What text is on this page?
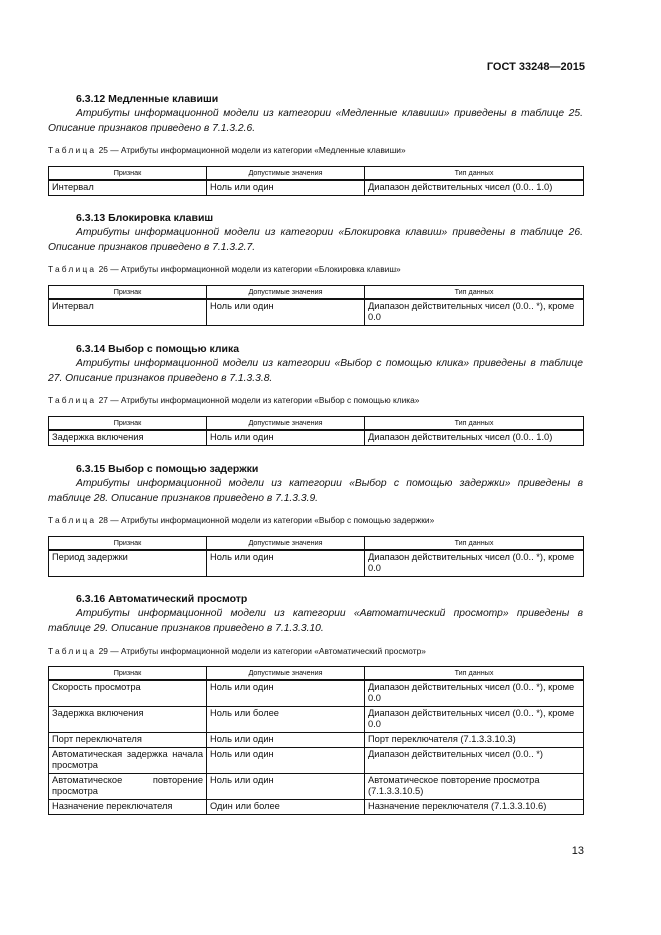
ГОСТ 33248—2015

6.3.12 Медленные клавиши

Атрибуты информационной модели из категории «Медленные клавиши» приведены в таблице 25. Описание признаков приведено в 7.1.3.2.6.

Таблица 25 — Атрибуты информационной модели из категории «Медленные клавиши»

Признак	Допустимые значения	Тип данных
Интервал	Ноль или один	Диапазон действительных чисел (0.0.. 1.0)

6.3.13 Блокировка клавиш

Атрибуты информационной модели из категории «Блокировка клавиш» приведены в таблице 26. Описание признаков приведено в 7.1.3.2.7.

Таблица 26 — Атрибуты информационной модели из категории «Блокировка клавиш»

Признак	Допустимые значения	Тип данных
Интервал	Ноль или один	Диапазон действительных чисел (0.0.. *), кроме 0.0

6.3.14 Выбор с помощью клика

Атрибуты информационной модели из категории «Выбор с помощью клика» приведены в таблице 27. Описание признаков приведено в 7.1.3.3.8.

Таблица 27 — Атрибуты информационной модели из категории «Выбор с помощью клика»

Признак	Допустимые значения	Тип данных
Задержка включения	Ноль или один	Диапазон действительных чисел (0.0.. 1.0)

6.3.15 Выбор с помощью задержки

Атрибуты информационной модели из категории «Выбор с помощью задержки» приведены в таблице 28. Описание признаков приведено в 7.1.3.3.9.

Таблица 28 — Атрибуты информационной модели из категории «Выбор с помощью задержки»

Признак	Допустимые значения	Тип данных
Период задержки	Ноль или один	Диапазон действительных чисел (0.0.. *), кроме 0.0

6.3.16 Автоматический просмотр

Атрибуты информационной модели из категории «Автоматический просмотр» приведены в таблице 29. Описание признаков приведено в 7.1.3.3.10.

Таблица 29 — Атрибуты информационной модели из категории «Автоматический просмотр»

Признак	Допустимые значения	Тип данных
Скорость просмотра	Ноль или один	Диапазон действительных чисел (0.0.. *), кроме 0.0
Задержка включения	Ноль или более	Диапазон действительных чисел (0.0.. *), кроме 0.0
Порт переключателя	Ноль или один	Порт переключателя (7.1.3.3.10.3)
Автоматическая задержка начала просмотра	Ноль или один	Диапазон действительных чисел (0.0.. *)
Автоматическое повторение просмотра	Ноль или один	Автоматическое повторение просмотра (7.1.3.3.10.5)
Назначение переключателя	Один или более	Назначение переключателя (7.1.3.3.10.6)
13
